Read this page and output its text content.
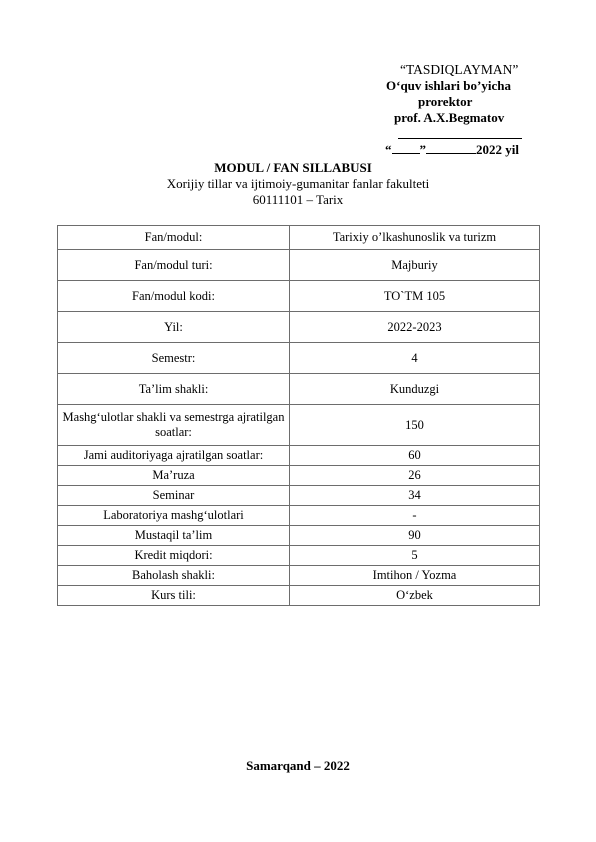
“TASDIQLAYMAN”
O‘quv ishlari bo’yicha
prorektor
prof. A.X.Begmatov
“ ”	2022 yil
MODUL / FAN SILLABUSI
Xorijiy tillar va ijtimoiy-gumanitar fanlar fakulteti
60111101 – Tarix
Fan/modul:	Tarixiy o’lkashunoslik va turizm
Fan/modul turi:	Majburiy
Fan/modul kodi:	TO`TM 105
Yil:	2022-2023
Semestr:	4
Ta’lim shakli:	Kunduzgi
Mashg‘ulotlar shakli va semestrga ajratilgan soatlar:	150
Jami auditoriyaga ajratilgan soatlar:	60
Ma’ruza	26
Seminar	34
Laboratoriya mashg‘ulotlari	-
Mustaqil ta’lim	90
Kredit miqdori:	5
Baholash shakli:	Imtihon / Yozma
Kurs tili:	O‘zbek
Samarqand – 2022
